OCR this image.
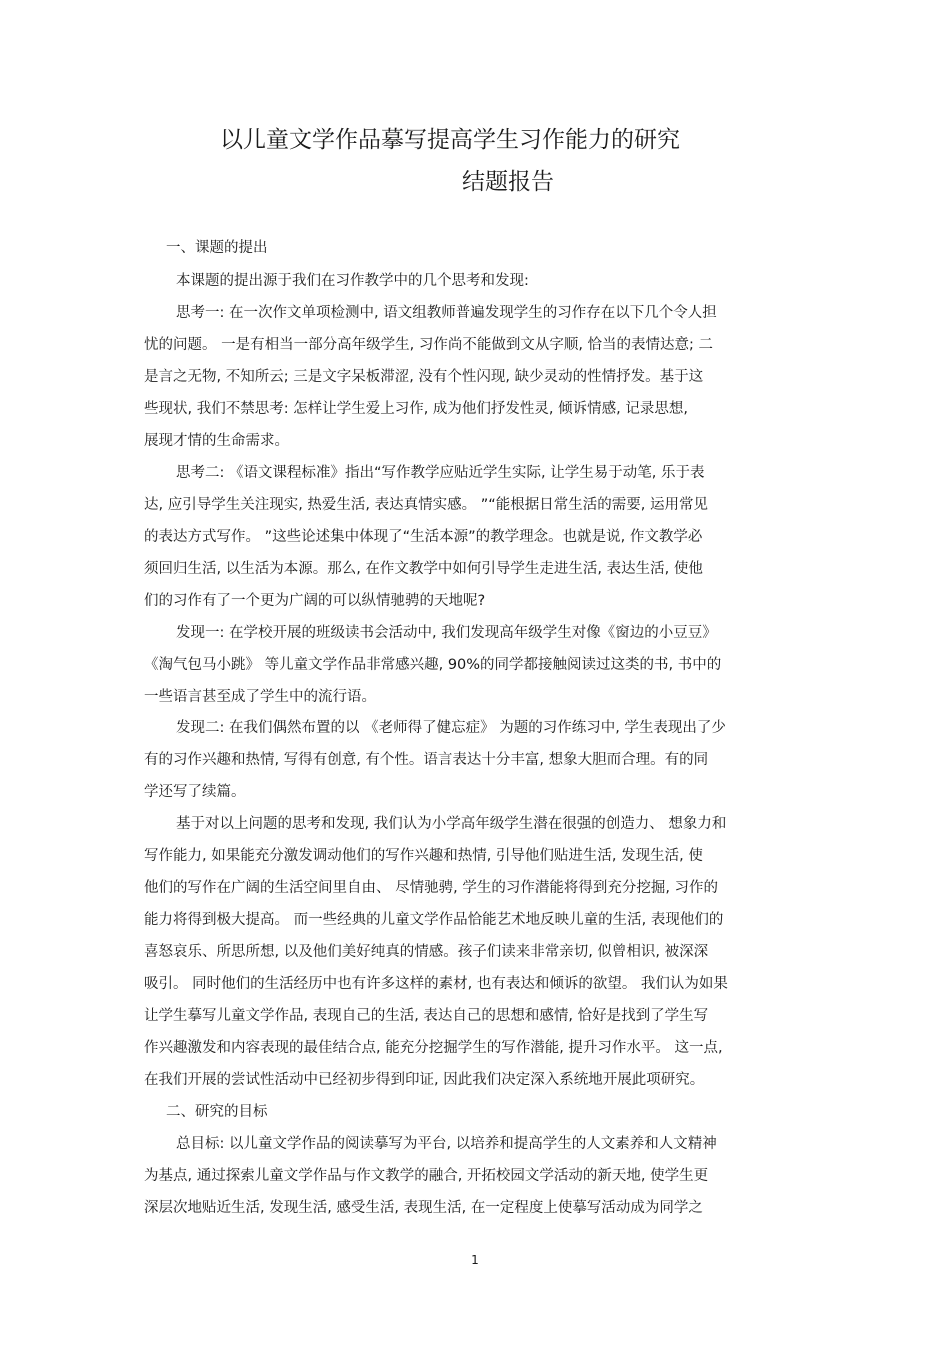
以儿童文学作品摹写提高学生习作能力的研究
结题报告
一、课题的提出
本课题的提出源于我们在习作教学中的几个思考和发现:
思考一: 在一次作文单项检测中, 语文组教师普遍发现学生的习作存在以下几个令人担
忧的问题。 一是有相当一部分高年级学生, 习作尚不能做到文从字顺, 恰当的表情达意; 二
是言之无物, 不知所云; 三是文字呆板滞涩, 没有个性闪现, 缺少灵动的性情抒发。基于这
些现状, 我们不禁思考: 怎样让学生爱上习作, 成为他们抒发性灵, 倾诉情感, 记录思想,
展现才情的生命需求。
思考二: 《语文课程标准》指出“写作教学应贴近学生实际, 让学生易于动笔, 乐于表
达, 应引导学生关注现实, 热爱生活, 表达真情实感。 ”“能根据日常生活的需要, 运用常见
的表达方式写作。 ”这些论述集中体现了“生活本源”的教学理念。也就是说, 作文教学必
须回归生活, 以生活为本源。那么, 在作文教学中如何引导学生走进生活, 表达生活, 使他
们的习作有了一个更为广阔的可以纵情驰骋的天地呢?
发现一: 在学校开展的班级读书会活动中, 我们发现高年级学生对像《窗边的小豆豆》
《淘气包马小跳》 等儿童文学作品非常感兴趣, 90%的同学都接触阅读过这类的书, 书中的
一些语言甚至成了学生中的流行语。
发现二: 在我们偶然布置的以 《老师得了健忘症》 为题的习作练习中, 学生表现出了少
有的习作兴趣和热情, 写得有创意, 有个性。语言表达十分丰富, 想象大胆而合理。有的同
学还写了续篇。
基于对以上问题的思考和发现, 我们认为小学高年级学生潜在很强的创造力、 想象力和
写作能力, 如果能充分激发调动他们的写作兴趣和热情, 引导他们贴进生活, 发现生活, 使
他们的写作在广阔的生活空间里自由、 尽情驰骋, 学生的习作潜能将得到充分挖掘, 习作的
能力将得到极大提高。 而一些经典的儿童文学作品恰能艺术地反映儿童的生活, 表现他们的
喜怒哀乐、所思所想, 以及他们美好纯真的情感。孩子们读来非常亲切, 似曾相识, 被深深
吸引。 同时他们的生活经历中也有许多这样的素材, 也有表达和倾诉的欲望。 我们认为如果
让学生摹写儿童文学作品, 表现自己的生活, 表达自己的思想和感情, 恰好是找到了学生写
作兴趣激发和内容表现的最佳结合点, 能充分挖掘学生的写作潜能, 提升习作水平。 这一点,
在我们开展的尝试性活动中已经初步得到印证, 因此我们决定深入系统地开展此项研究。
二、研究的目标
总目标: 以儿童文学作品的阅读摹写为平台, 以培养和提高学生的人文素养和人文精神
为基点, 通过探索儿童文学作品与作文教学的融合, 开拓校园文学活动的新天地, 使学生更
深层次地贴近生活, 发现生活, 感受生活, 表现生活, 在一定程度上使摹写活动成为同学之
1
